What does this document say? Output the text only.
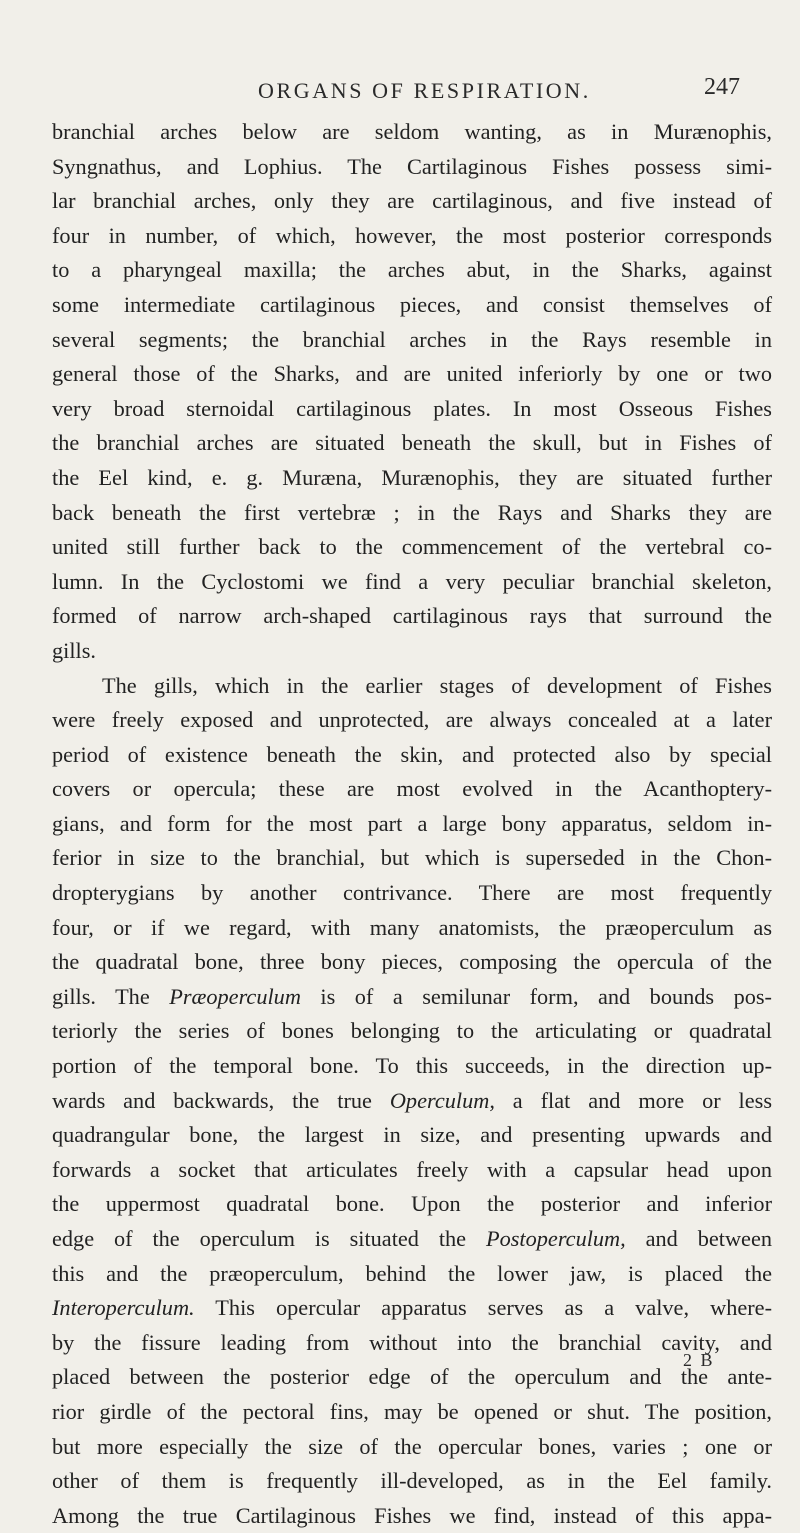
ORGANS OF RESPIRATION.	247
branchial arches below are seldom wanting, as in Murænophis,
Syngnathus, and Lophius. The Cartilaginous Fishes possess simi-
lar branchial arches, only they are cartilaginous, and five instead of
four in number, of which, however, the most posterior corresponds
to a pharyngeal maxilla; the arches abut, in the Sharks, against
some intermediate cartilaginous pieces, and consist themselves of
several segments; the branchial arches in the Rays resemble in
general those of the Sharks, and are united inferiorly by one or two
very broad sternoidal cartilaginous plates. In most Osseous Fishes
the branchial arches are situated beneath the skull, but in Fishes of
the Eel kind, e. g. Muræna, Murænophis, they are situated further
back beneath the first vertebræ ; in the Rays and Sharks they are
united still further back to the commencement of the vertebral co-
lumn. In the Cyclostomi we find a very peculiar branchial skeleton,
formed of narrow arch-shaped cartilaginous rays that surround the
gills.
The gills, which in the earlier stages of development of Fishes
were freely exposed and unprotected, are always concealed at a later
period of existence beneath the skin, and protected also by special
covers or opercula; these are most evolved in the Acanthoptery-
gians, and form for the most part a large bony apparatus, seldom in-
ferior in size to the branchial, but which is superseded in the Chon-
dropterygians by another contrivance. There are most frequently
four, or if we regard, with many anatomists, the præoperculum as
the quadratal bone, three bony pieces, composing the opercula of the
gills. The Præoperculum is of a semilunar form, and bounds pos-
teriorly the series of bones belonging to the articulating or quadratal
portion of the temporal bone. To this succeeds, in the direction up-
wards and backwards, the true Operculum, a flat and more or less
quadrangular bone, the largest in size, and presenting upwards and
forwards a socket that articulates freely with a capsular head upon
the uppermost quadratal bone. Upon the posterior and inferior
edge of the operculum is situated the Postoperculum, and between
this and the præoperculum, behind the lower jaw, is placed the
Interoperculum. This opercular apparatus serves as a valve, where-
by the fissure leading from without into the branchial cavity, and
placed between the posterior edge of the operculum and the ante-
rior girdle of the pectoral fins, may be opened or shut. The position,
but more especially the size of the opercular bones, varies ; one or
other of them is frequently ill-developed, as in the Eel family.
Among the true Cartilaginous Fishes we find, instead of this appa-
2 B
